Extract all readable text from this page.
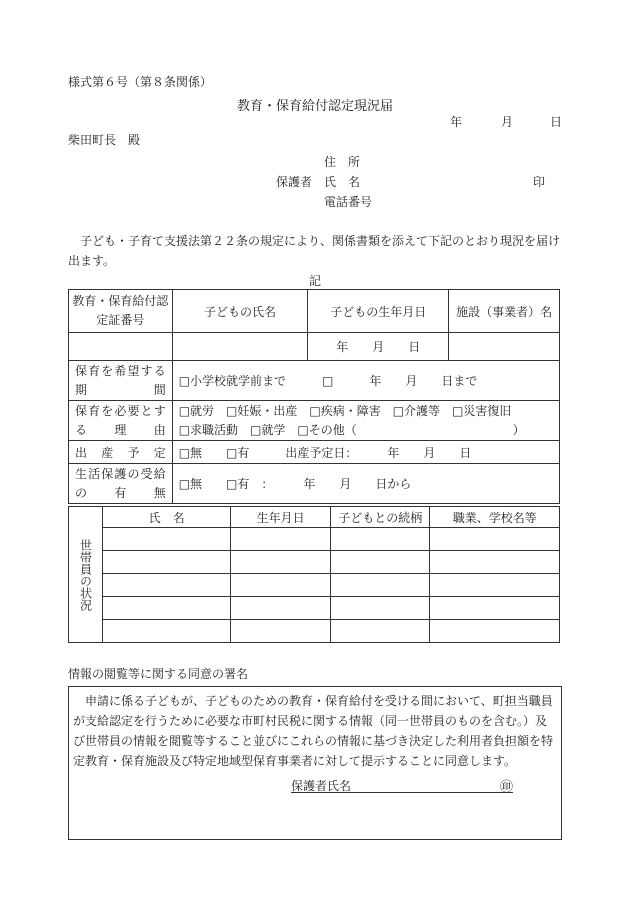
様式第６号（第８条関係）
教育・保育給付認定現況届
年	月	日
柴田町長　殿
住　所
保護者 氏　名	印
電話番号
　子ども・子育て支援法第２２条の規定により、関係書類を添えて下記のとおり現況を届け出ます。
記
教育・保育給付認定証番号	子どもの氏名	子どもの生年月日	施設（事業者）名
		年　　月　　日	
保育を希望する期間	□小学校就学前まで　　　□　　　年　　月　　日まで		
保育を必要とする理由	□就労　□妊娠・出産　□疾病・障害　□介護等　□災害復旧
□求職活動　□就学　□その他（　　　　　　　　　　　　　）		

出産予定	□無　　□有　　　出産予定日：　　　年　　月　　日		
生活保護の受給の有無	□無　　□有　：　　　年　　月　　日から		
世帯員の状況	氏　名	生年月日	子どもとの続柄	職業、学校名等

情報の閲覧等に関する同意の署名
　申請に係る子どもが、子どものための教育・保育給付を受ける間において、町担当職員が支給認定を行うために必要な市町村民税に関する情報（同一世帯員のものを含む。）及び世帯員の情報を閲覧等すること並びにこれらの情報に基づき決定した利用者負担額を特定教育・保育施設及び特定地域型保育事業者に対して提示することに同意します。
保護者氏名	㊞
